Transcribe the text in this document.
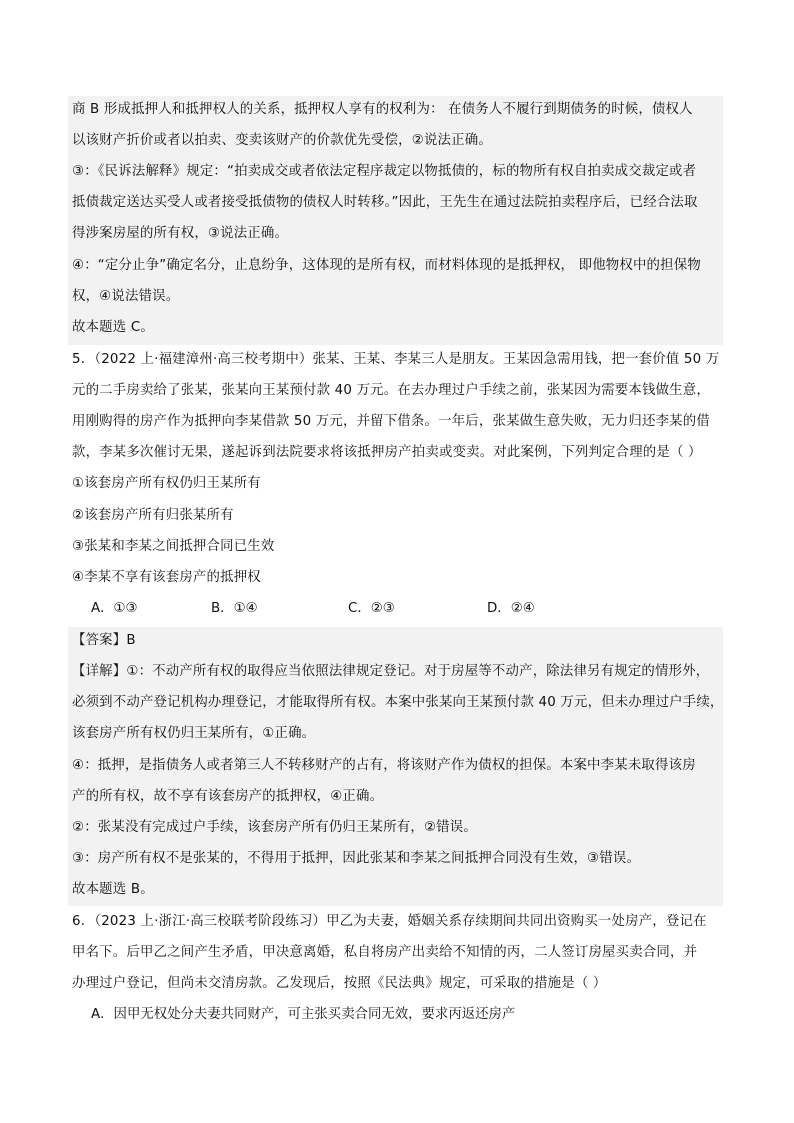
商 B 形成抵押人和抵押权人的关系，抵押权人享有的权利为： 在债务人不履行到期债务的时候，债权人
以该财产折价或者以拍卖、变卖该财产的价款优先受偿，②说法正确。
③：《民诉法解释》规定：“拍卖成交或者依法定程序裁定以物抵债的，标的物所有权自拍卖成交裁定或者
抵债裁定送达买受人或者接受抵债物的债权人时转移。”因此，王先生在通过法院拍卖程序后，已经合法取
得涉案房屋的所有权，③说法正确。
④：“定分止争”确定名分，止息纷争，这体现的是所有权，而材料体现的是抵押权， 即他物权中的担保物
权，④说法错误。
故本题选 C。
5．（2022 上·福建漳州·高三校考期中）张某、王某、李某三人是朋友。王某因急需用钱，把一套价值 50 万
元的二手房卖给了张某，张某向王某预付款 40 万元。在去办理过户手续之前，张某因为需要本钱做生意，
用刚购得的房产作为抵押向李某借款 50 万元，并留下借条。一年后，张某做生意失败，无力归还李某的借
款，李某多次催讨无果，遂起诉到法院要求将该抵押房产拍卖或变卖。对此案例，下列判定合理的是（ ）
①该套房产所有权仍归王某所有
②该套房产所有归张某所有
③张某和李某之间抵押合同已生效
④李某不享有该套房产的抵押权
A．①③	B．①④	C．②③	D．②④
【答案】B
【详解】①：不动产所有权的取得应当依照法律规定登记。对于房屋等不动产，除法律另有规定的情形外，
必须到不动产登记机构办理登记，才能取得所有权。本案中张某向王某预付款 40 万元，但未办理过户手续，
该套房产所有权仍归王某所有，①正确。
④：抵押，是指债务人或者第三人不转移财产的占有，将该财产作为债权的担保。本案中李某未取得该房
产的所有权，故不享有该套房产的抵押权，④正确。
②：张某没有完成过户手续，该套房产所有仍归王某所有，②错误。
③：房产所有权不是张某的，不得用于抵押，因此张某和李某之间抵押合同没有生效，③错误。
故本题选 B。
6．（2023 上·浙江·高三校联考阶段练习）甲乙为夫妻，婚姻关系存续期间共同出资购买一处房产，登记在
甲名下。后甲乙之间产生矛盾，甲决意离婚，私自将房产出卖给不知情的丙，二人签订房屋买卖合同，并
办理过户登记，但尚未交清房款。乙发现后，按照《民法典》规定，可采取的措施是（ ）
A．因甲无权处分夫妻共同财产，可主张买卖合同无效，要求丙返还房产
